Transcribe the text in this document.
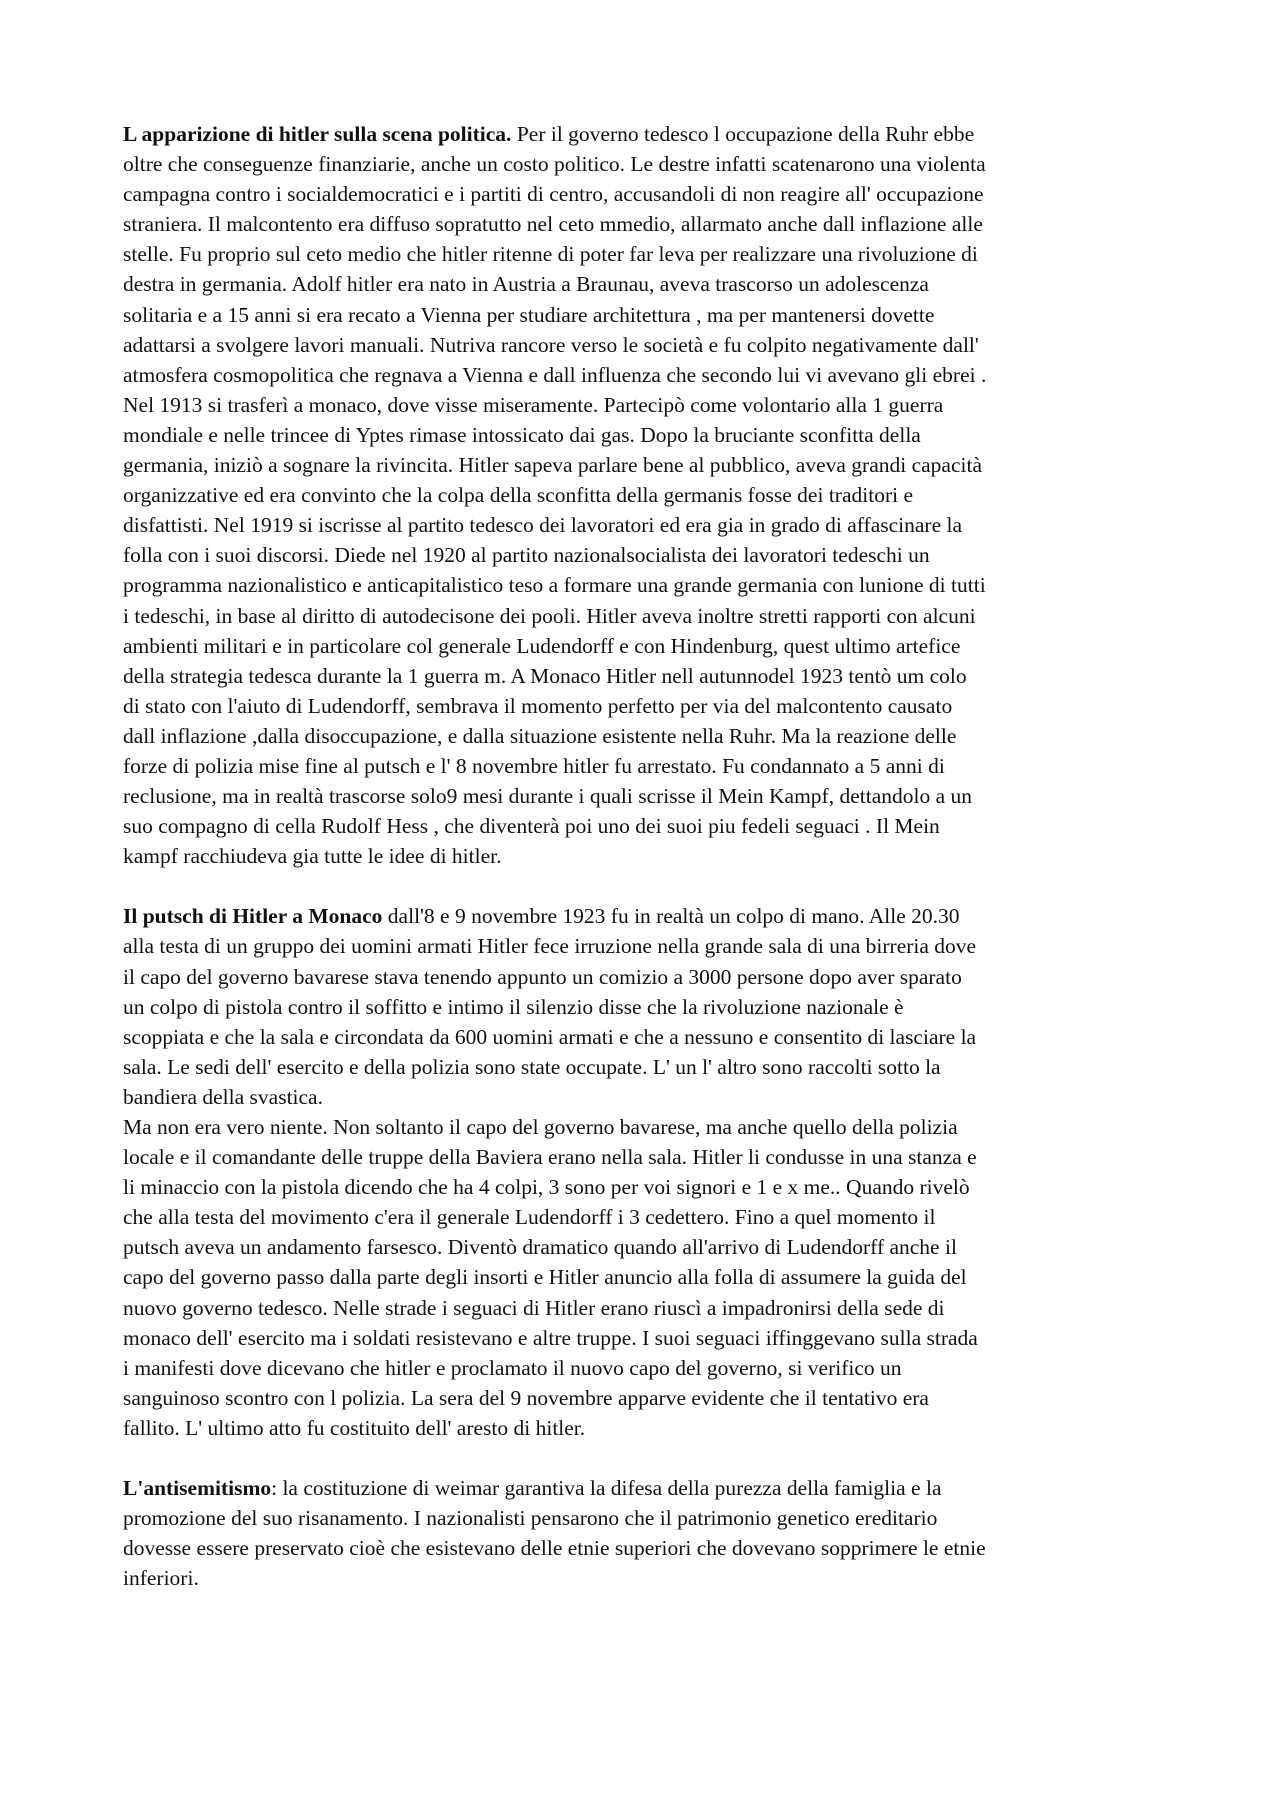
L apparizione di hitler sulla scena politica. Per il governo tedesco l occupazione della Ruhr ebbe
oltre che conseguenze finanziarie, anche un costo politico. Le destre infatti scatenarono una violenta
campagna contro i socialdemocratici e i partiti di centro, accusandoli di non reagire all' occupazione
straniera. Il malcontento era diffuso sopratutto nel ceto mmedio, allarmato anche dall inflazione alle
stelle. Fu proprio sul ceto medio che hitler ritenne di poter far leva per realizzare una rivoluzione di
destra in germania. Adolf hitler era nato in Austria a Braunau, aveva trascorso un adolescenza
solitaria e a 15 anni si era recato a Vienna per studiare architettura , ma per mantenersi dovette
adattarsi a svolgere lavori manuali. Nutriva rancore verso le società e fu colpito negativamente dall'
atmosfera cosmopolitica che regnava a Vienna e dall influenza che secondo lui vi avevano gli ebrei .
Nel 1913 si trasferì a monaco, dove visse miseramente. Partecipò come volontario alla 1 guerra
mondiale e nelle trincee di Yptes rimase intossicato dai gas. Dopo la bruciante sconfitta della
germania, iniziò a sognare la rivincita. Hitler sapeva parlare bene al pubblico, aveva grandi capacità
organizzative ed era convinto che la colpa della sconfitta della germanis fosse dei traditori e
disfattisti. Nel 1919 si iscrisse al partito tedesco dei lavoratori ed era gia in grado di affascinare la
folla con i suoi discorsi. Diede nel 1920 al partito nazionalsocialista dei lavoratori tedeschi un
programma nazionalistico e anticapitalistico teso a formare una grande germania con lunione di tutti
i tedeschi, in base al diritto di autodecisone dei pooli. Hitler aveva inoltre stretti rapporti con alcuni
ambienti militari e in particolare col generale Ludendorff e con Hindenburg, quest ultimo artefice
della strategia tedesca durante la 1 guerra m. A Monaco Hitler nell autunnodel 1923 tentò um colo
di stato con l'aiuto di Ludendorff, sembrava il momento perfetto per via del malcontento causato
dall inflazione ,dalla disoccupazione, e dalla situazione esistente nella Ruhr. Ma la reazione delle
forze di polizia mise fine al putsch e l' 8 novembre hitler fu arrestato. Fu condannato a 5 anni di
reclusione, ma in realtà trascorse solo9 mesi durante i quali scrisse il Mein Kampf, dettandolo a un
suo compagno di cella Rudolf Hess , che diventerà poi uno dei suoi piu fedeli seguaci . Il Mein
kampf racchiudeva gia tutte le idee di hitler.

Il putsch di Hitler a Monaco dall'8 e 9 novembre 1923 fu in realtà un colpo di mano. Alle 20.30
alla testa di un gruppo dei uomini armati Hitler fece irruzione nella grande sala di una birreria dove
il capo del governo bavarese stava tenendo appunto un comizio a 3000 persone dopo aver sparato
un colpo di pistola contro il soffitto e intimo il silenzio disse che la rivoluzione nazionale è
scoppiata e che la sala e circondata da 600 uomini armati e che a nessuno e consentito di lasciare la
sala. Le sedi dell' esercito e della polizia sono state occupate. L' un l' altro sono raccolti sotto la
bandiera della svastica.
Ma non era vero niente. Non soltanto il capo del governo bavarese, ma anche quello della polizia
locale e il comandante delle truppe della Baviera erano nella sala. Hitler li condusse in una stanza e
li minaccio con la pistola dicendo che ha 4 colpi, 3 sono per voi signori e 1 e x me.. Quando rivelò
che alla testa del movimento c'era il generale Ludendorff i 3 cedettero. Fino a quel momento il
putsch aveva un andamento farsesco. Diventò dramatico quando all'arrivo di Ludendorff anche il
capo del governo passo dalla parte degli insorti e Hitler anuncio alla folla di assumere la guida del
nuovo governo tedesco. Nelle strade i seguaci di Hitler erano riuscì a impadronirsi della sede di
monaco dell' esercito ma i soldati resistevano e altre truppe. I suoi seguaci iffinggevano sulla strada
i manifesti dove dicevano che hitler e proclamato il nuovo capo del governo, si verifico un
sanguinoso scontro con l polizia. La sera del 9 novembre apparve evidente che il tentativo era
fallito. L' ultimo atto fu costituito dell' aresto di hitler.

L'antisemitismo: la costituzione di weimar garantiva la difesa della purezza della famiglia e la
promozione del suo risanamento. I nazionalisti pensarono che il patrimonio genetico ereditario
dovesse essere preservato cioè che esistevano delle etnie superiori che dovevano sopprimere le etnie
inferiori.
